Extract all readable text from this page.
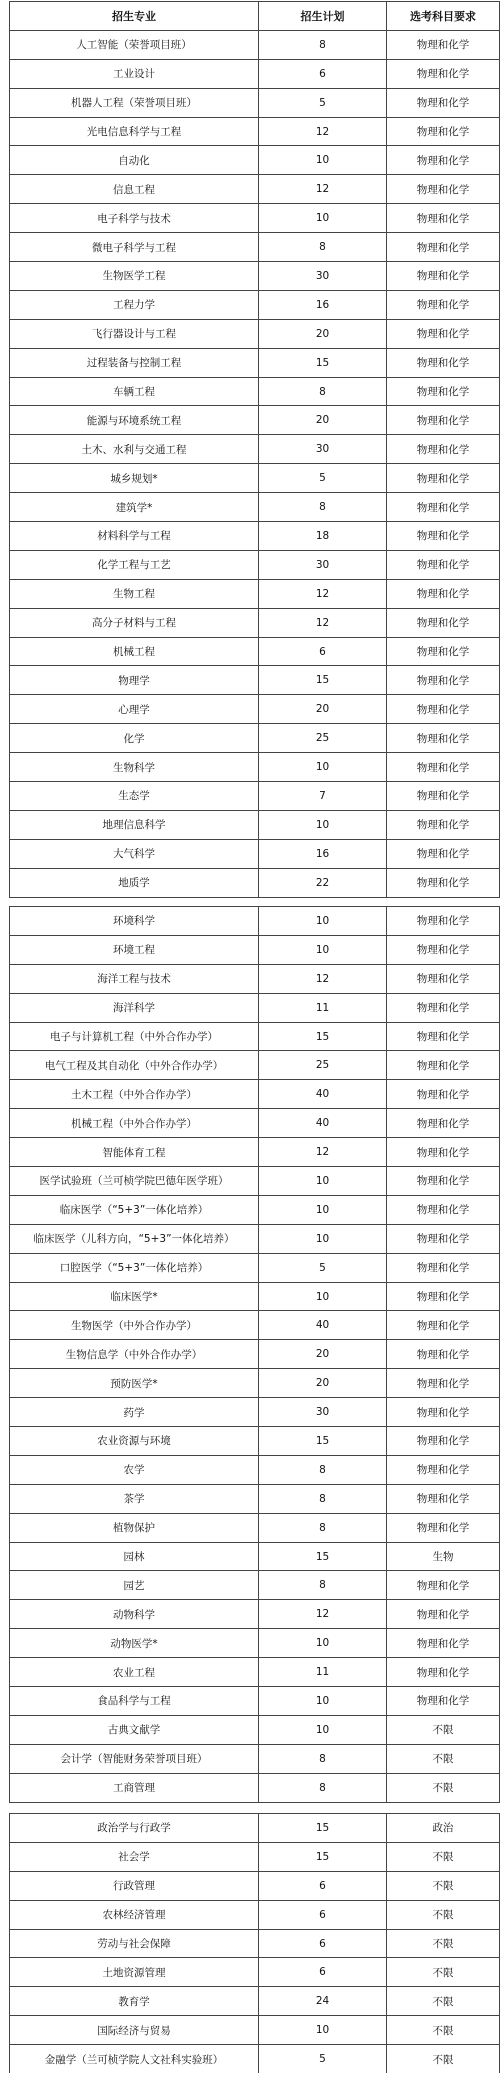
招生专业	招生计划	选考科目要求
人工智能（荣誉项目班）	8	物理和化学
工业设计	6	物理和化学
机器人工程（荣誉项目班）	5	物理和化学
光电信息科学与工程	12	物理和化学
自动化	10	物理和化学
信息工程	12	物理和化学
电子科学与技术	10	物理和化学
微电子科学与工程	8	物理和化学
生物医学工程	30	物理和化学
工程力学	16	物理和化学
飞行器设计与工程	20	物理和化学
过程装备与控制工程	15	物理和化学
车辆工程	8	物理和化学
能源与环境系统工程	20	物理和化学
土木、水利与交通工程	30	物理和化学
城乡规划*	5	物理和化学
建筑学*	8	物理和化学
材料科学与工程	18	物理和化学
化学工程与工艺	30	物理和化学
生物工程	12	物理和化学
高分子材料与工程	12	物理和化学
机械工程	6	物理和化学
物理学	15	物理和化学
心理学	20	物理和化学
化学	25	物理和化学
生物科学	10	物理和化学
生态学	7	物理和化学
地理信息科学	10	物理和化学
大气科学	16	物理和化学
地质学	22	物理和化学
环境科学	10	物理和化学
环境工程	10	物理和化学
海洋工程与技术	12	物理和化学
海洋科学	11	物理和化学
电子与计算机工程（中外合作办学）	15	物理和化学
电气工程及其自动化（中外合作办学）	25	物理和化学
土木工程（中外合作办学）	40	物理和化学
机械工程（中外合作办学）	40	物理和化学
智能体育工程	12	物理和化学
医学试验班（兰可桢学院巴德年医学班）	10	物理和化学
临床医学（“5+3”一体化培养）	10	物理和化学
临床医学（儿科方向，“5+3”一体化培养）	10	物理和化学
口腔医学（“5+3”一体化培养）	5	物理和化学
临床医学*	10	物理和化学
生物医学（中外合作办学）	40	物理和化学
生物信息学（中外合作办学）	20	物理和化学
预防医学*	20	物理和化学
药学	30	物理和化学
农业资源与环境	15	物理和化学
农学	8	物理和化学
茶学	8	物理和化学
植物保护	8	物理和化学
园林	15	生物
园艺	8	物理和化学
动物科学	12	物理和化学
动物医学*	10	物理和化学
农业工程	11	物理和化学
食品科学与工程	10	物理和化学
古典文献学	10	不限
会计学（智能财务荣誉项目班）	8	不限
工商管理	8	不限
政治学与行政学	15	政治
社会学	15	不限
行政管理	6	不限
农林经济管理	6	不限
劳动与社会保障	6	不限
土地资源管理	6	不限
教育学	24	不限
国际经济与贸易	10	不限
金融学（兰可桢学院人文社科实验班）	5	不限
